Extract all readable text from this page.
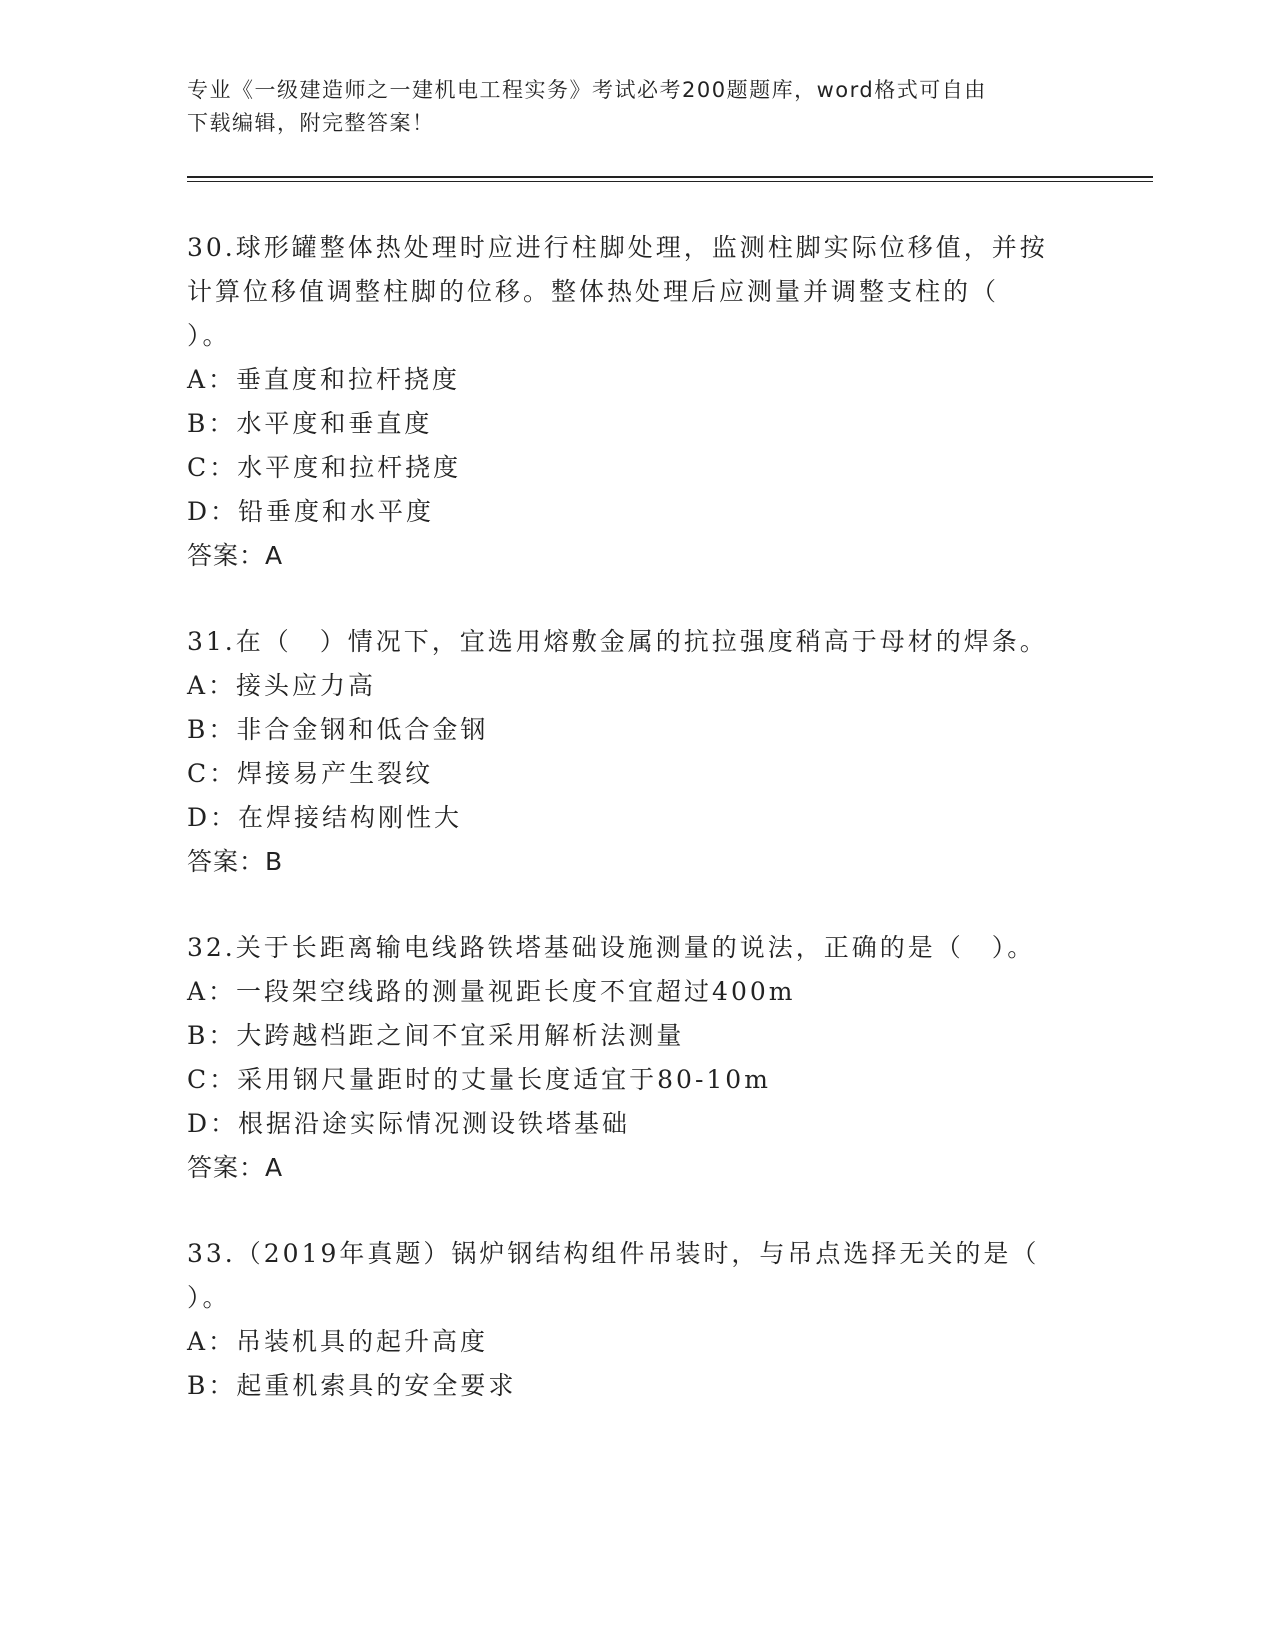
专业《一级建造师之一建机电工程实务》考试必考200题题库，word格式可自由
下载编辑，附完整答案！
30.球形罐整体热处理时应进行柱脚处理，监测柱脚实际位移值，并按
计算位移值调整柱脚的位移。整体热处理后应测量并调整支柱的（
）。
A：垂直度和拉杆挠度
B：水平度和垂直度
C：水平度和拉杆挠度
D：铅垂度和水平度
答案：A
31.在（　）情况下，宜选用熔敷金属的抗拉强度稍高于母材的焊条。
A：接头应力高
B：非合金钢和低合金钢
C：焊接易产生裂纹
D：在焊接结构刚性大
答案：B
32.关于长距离输电线路铁塔基础设施测量的说法，正确的是（　）。
A：一段架空线路的测量视距长度不宜超过400m
B：大跨越档距之间不宜采用解析法测量
C：采用钢尺量距时的丈量长度适宜于80-10m
D：根据沿途实际情况测设铁塔基础
答案：A
33.（2019年真题）锅炉钢结构组件吊装时，与吊点选择无关的是（
）。
A：吊装机具的起升高度
B：起重机索具的安全要求
